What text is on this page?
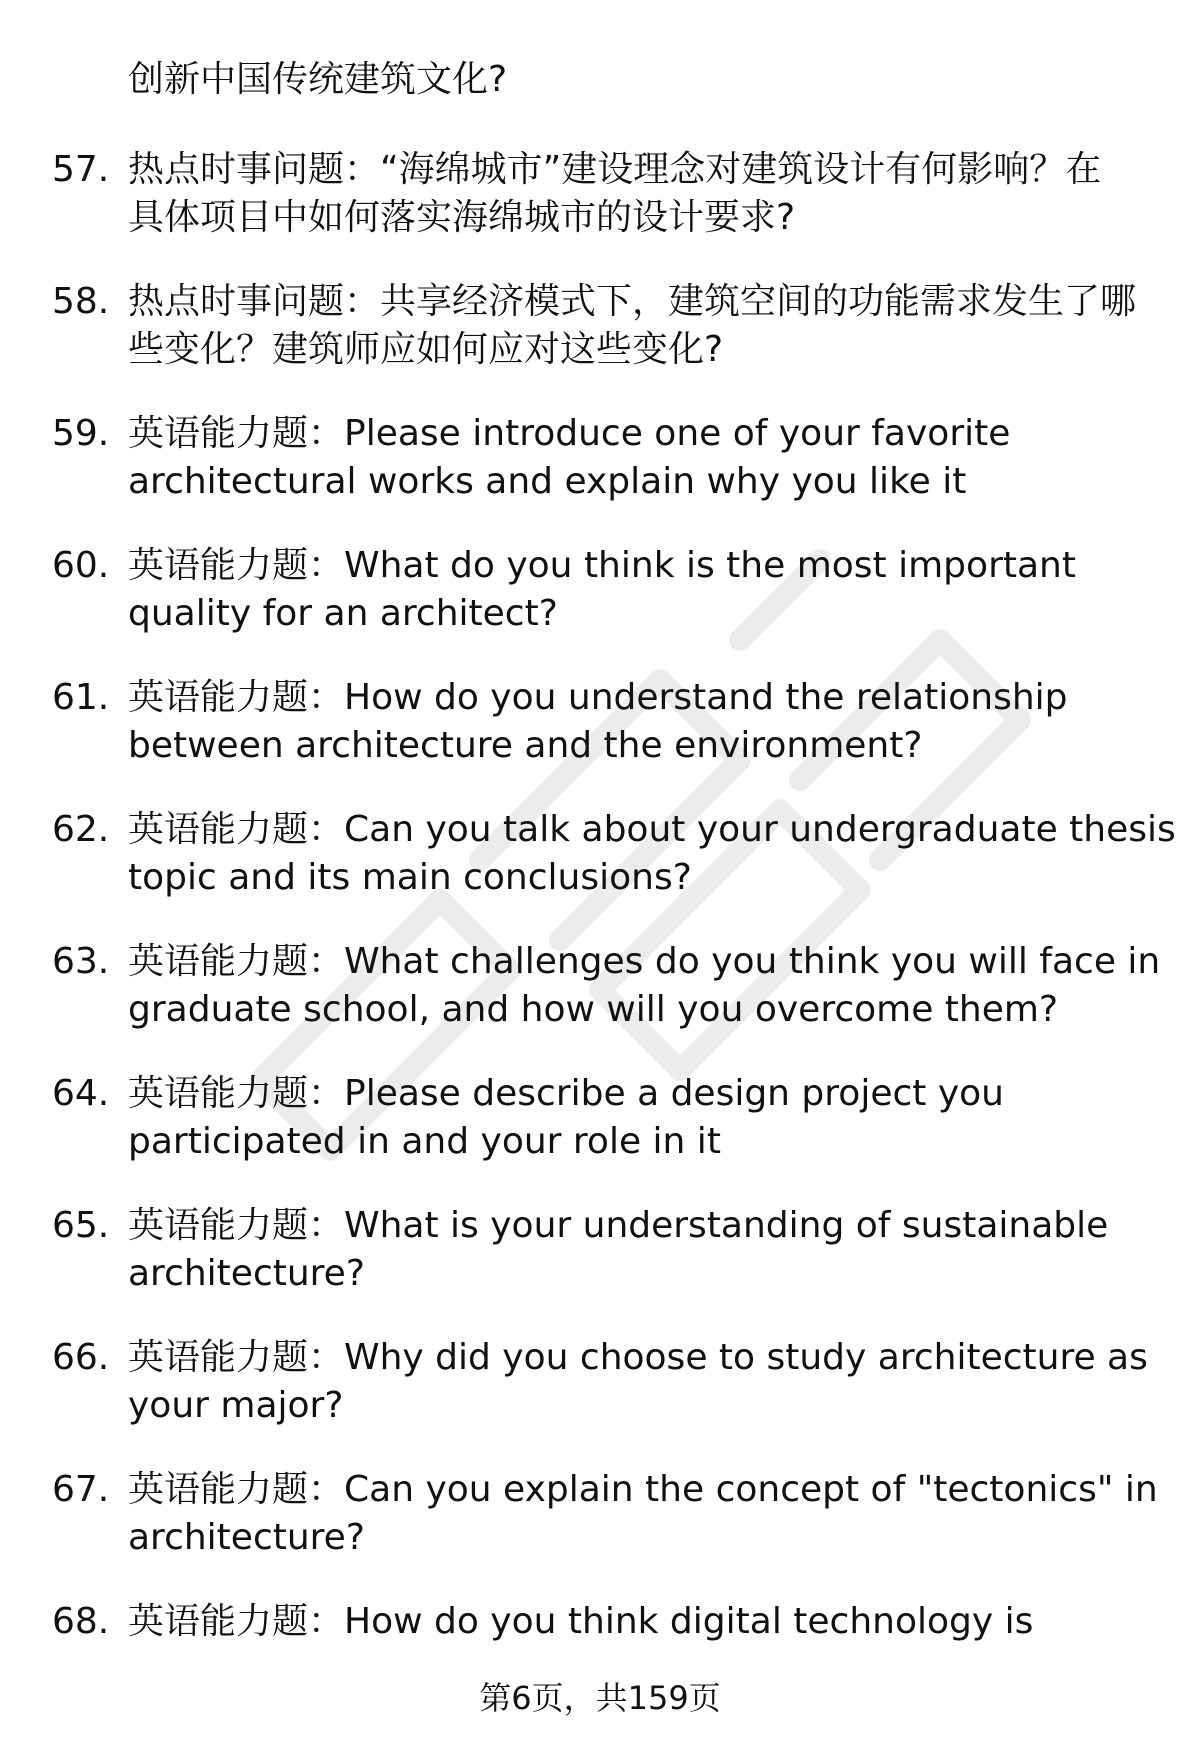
创新中国传统建筑文化?
57. 热点时事问题：“海绵城市”建设理念对建筑设计有何影响？在
具体项目中如何落实海绵城市的设计要求?
58. 热点时事问题：共享经济模式下，建筑空间的功能需求发生了哪
些变化？建筑师应如何应对这些变化?
59. 英语能力题：Please introduce one of your favorite
architectural works and explain why you like it
60. 英语能力题：What do you think is the most important
quality for an architect?
61. 英语能力题：How do you understand the relationship
between architecture and the environment?
62. 英语能力题：Can you talk about your undergraduate thesis
topic and its main conclusions?
63. 英语能力题：What challenges do you think you will face in
graduate school, and how will you overcome them?
64. 英语能力题：Please describe a design project you
participated in and your role in it
65. 英语能力题：What is your understanding of sustainable
architecture?
66. 英语能力题：Why did you choose to study architecture as
your major?
67. 英语能力题：Can you explain the concept of "tectonics" in
architecture?
68. 英语能力题：How do you think digital technology is
第6页，共159页
